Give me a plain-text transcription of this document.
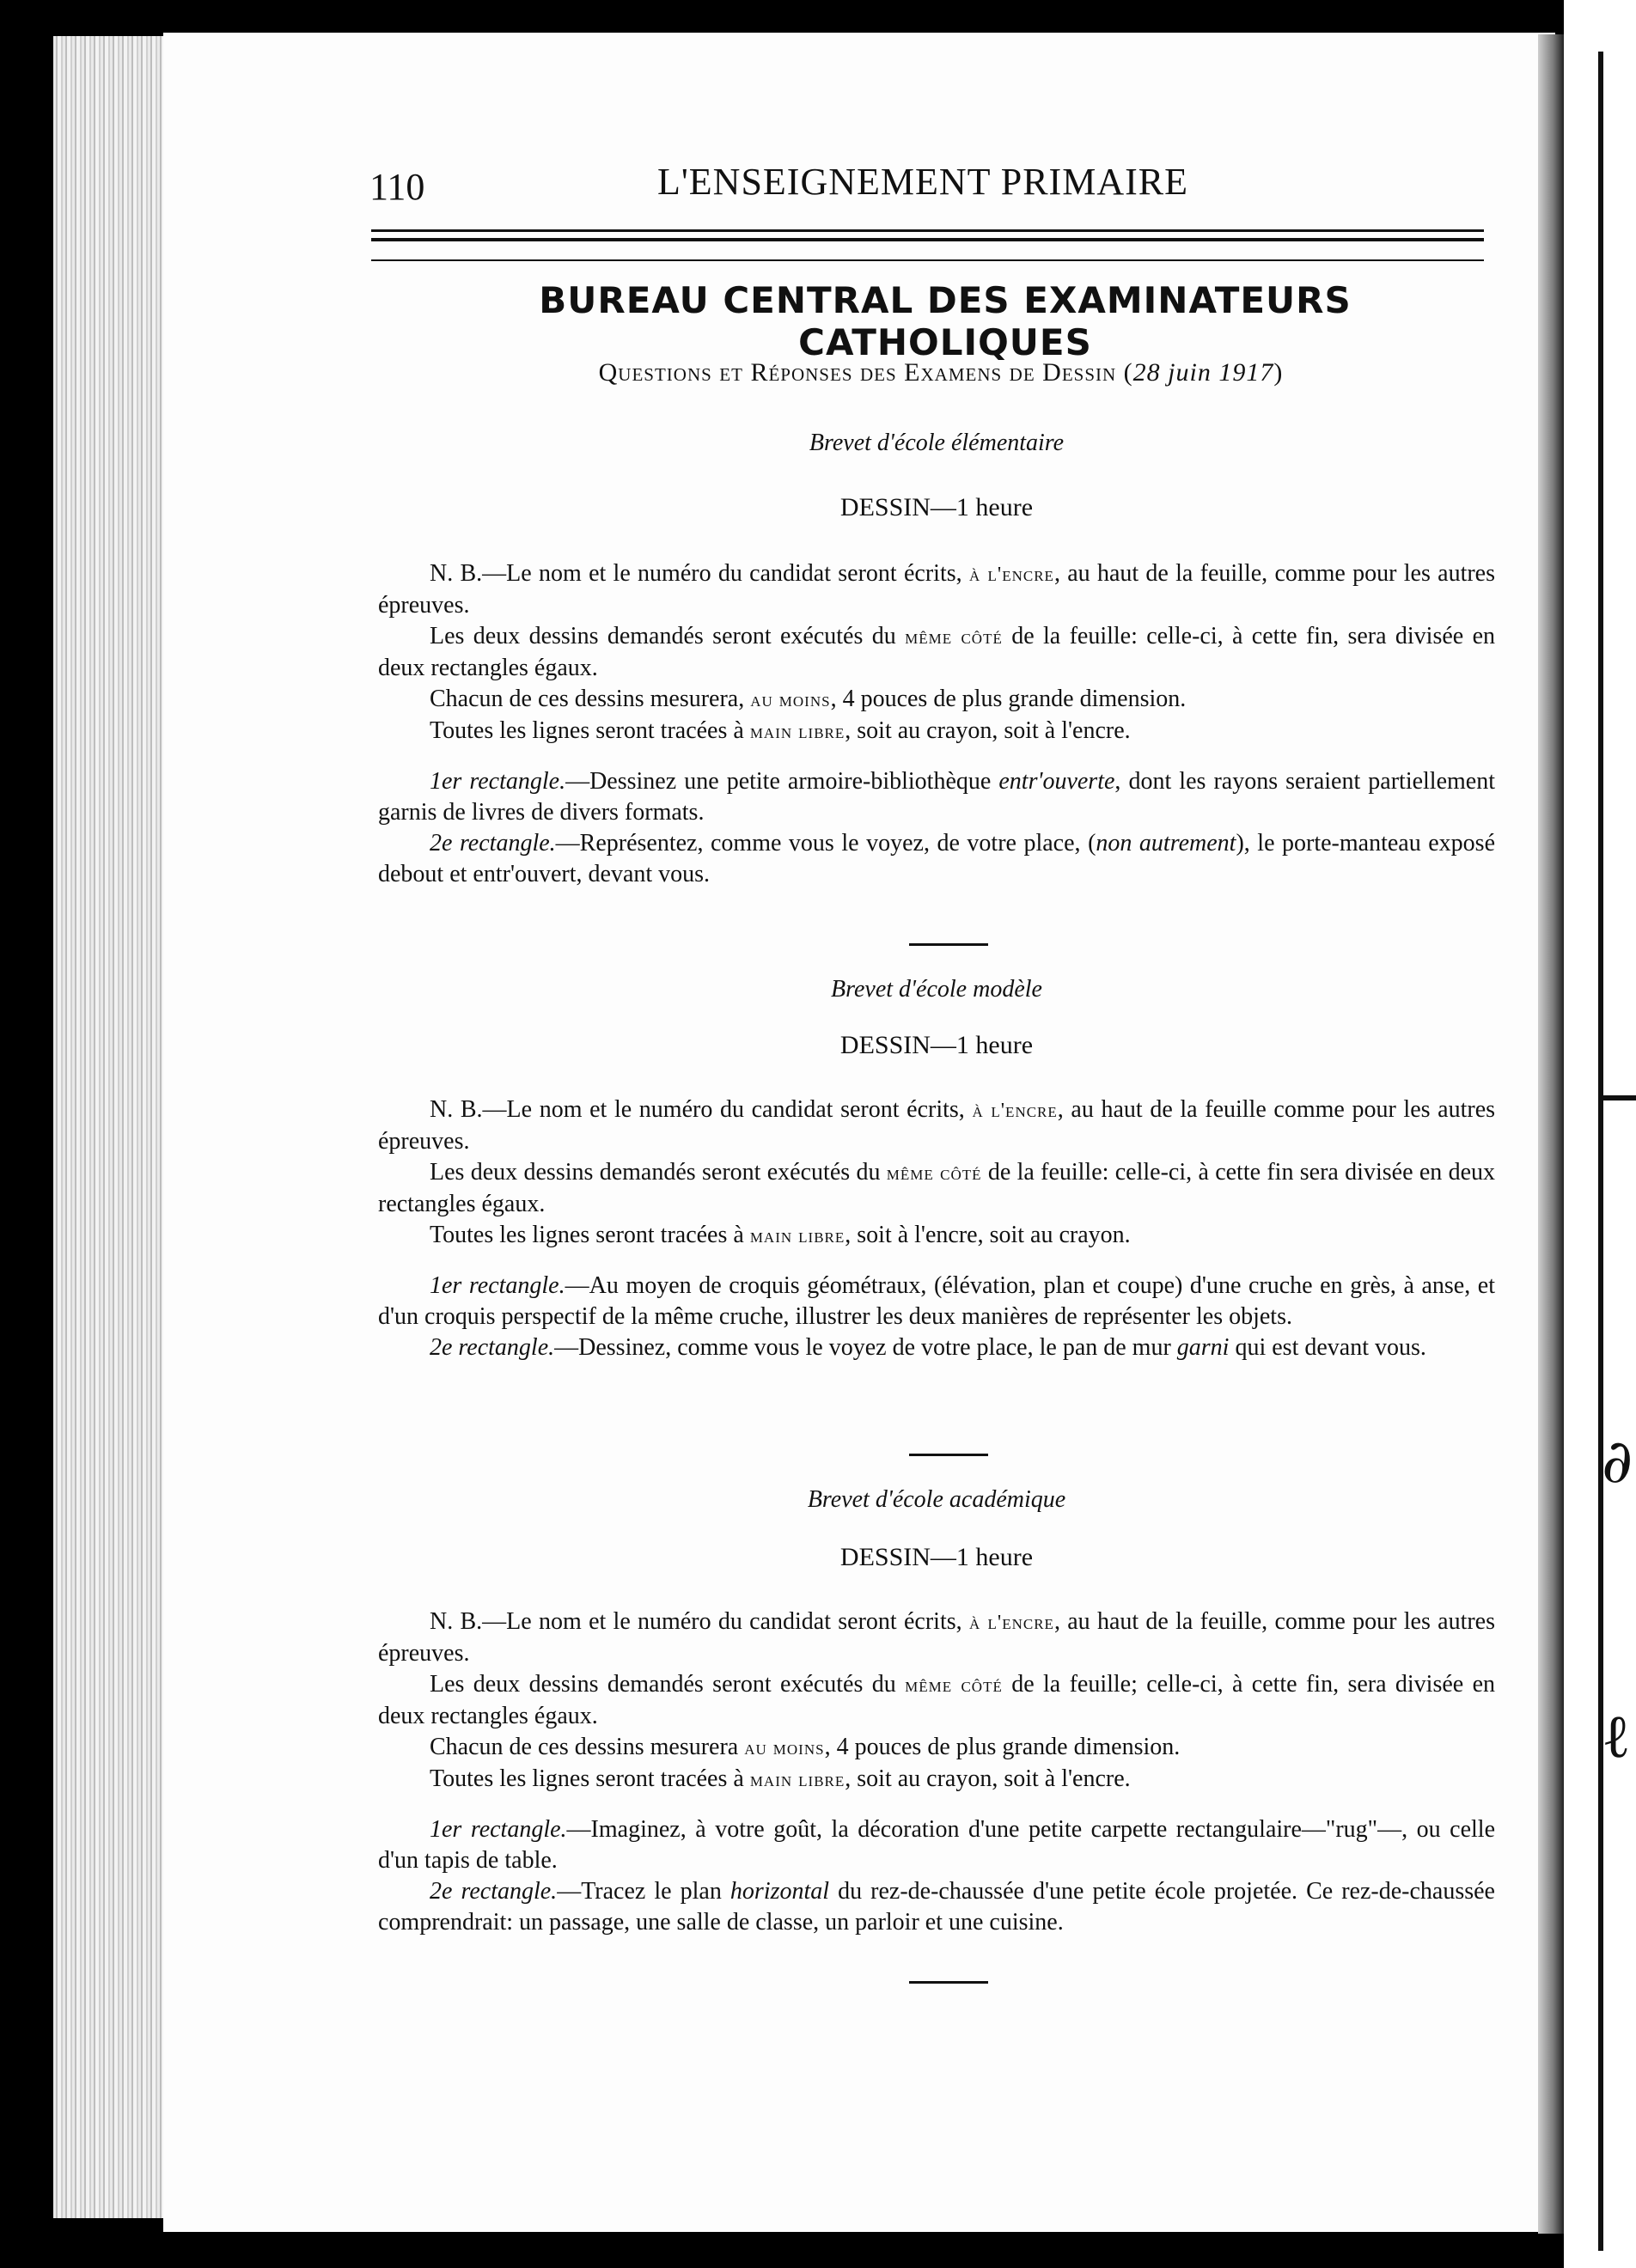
∂
ℓ
110	L'ENSEIGNEMENT PRIMAIRE
BUREAU CENTRAL DES EXAMINATEURS CATHOLIQUES
Questions et Réponses des Examens de Dessin (28 juin 1917)
Brevet d'école élémentaire
DESSIN—1 heure

N. B.—Le nom et le numéro du candidat seront écrits, à l'encre, au haut de la feuille, comme pour les autres épreuves.

Les deux dessins demandés seront exécutés du même côté de la feuille: celle-ci, à cette fin, sera divisée en deux rectangles égaux.

Chacun de ces dessins mesurera, au moins, 4 pouces de plus grande dimension.

Toutes les lignes seront tracées à main libre, soit au crayon, soit à l'encre.

1er rectangle.—Dessinez une petite armoire-bibliothèque entr'ouverte, dont les rayons seraient partiellement garnis de livres de divers formats.

2e rectangle.—Représentez, comme vous le voyez, de votre place, (non autrement), le porte-manteau exposé debout et entr'ouvert, devant vous.

Brevet d'école modèle
DESSIN—1 heure

N. B.—Le nom et le numéro du candidat seront écrits, à l'encre, au haut de la feuille comme pour les autres épreuves.

Les deux dessins demandés seront exécutés du même côté de la feuille: celle-ci, à cette fin sera divisée en deux rectangles égaux.

Toutes les lignes seront tracées à main libre, soit à l'encre, soit au crayon.

1er rectangle.—Au moyen de croquis géométraux, (élévation, plan et coupe) d'une cruche en grès, à anse, et d'un croquis perspectif de la même cruche, illustrer les deux manières de représenter les objets.

2e rectangle.—Dessinez, comme vous le voyez de votre place, le pan de mur garni qui est devant vous.

Brevet d'école académique
DESSIN—1 heure

N. B.—Le nom et le numéro du candidat seront écrits, à l'encre, au haut de la feuille, comme pour les autres épreuves.

Les deux dessins demandés seront exécutés du même côté de la feuille; celle-ci, à cette fin, sera divisée en deux rectangles égaux.

Chacun de ces dessins mesurera au moins, 4 pouces de plus grande dimension.

Toutes les lignes seront tracées à main libre, soit au crayon, soit à l'encre.

1er rectangle.—Imaginez, à votre goût, la décoration d'une petite carpette rectangulaire—"rug"—, ou celle d'un tapis de table.

2e rectangle.—Tracez le plan horizontal du rez-de-chaussée d'une petite école projetée. Ce rez-de-chaussée comprendrait: un passage, une salle de classe, un parloir et une cuisine.
